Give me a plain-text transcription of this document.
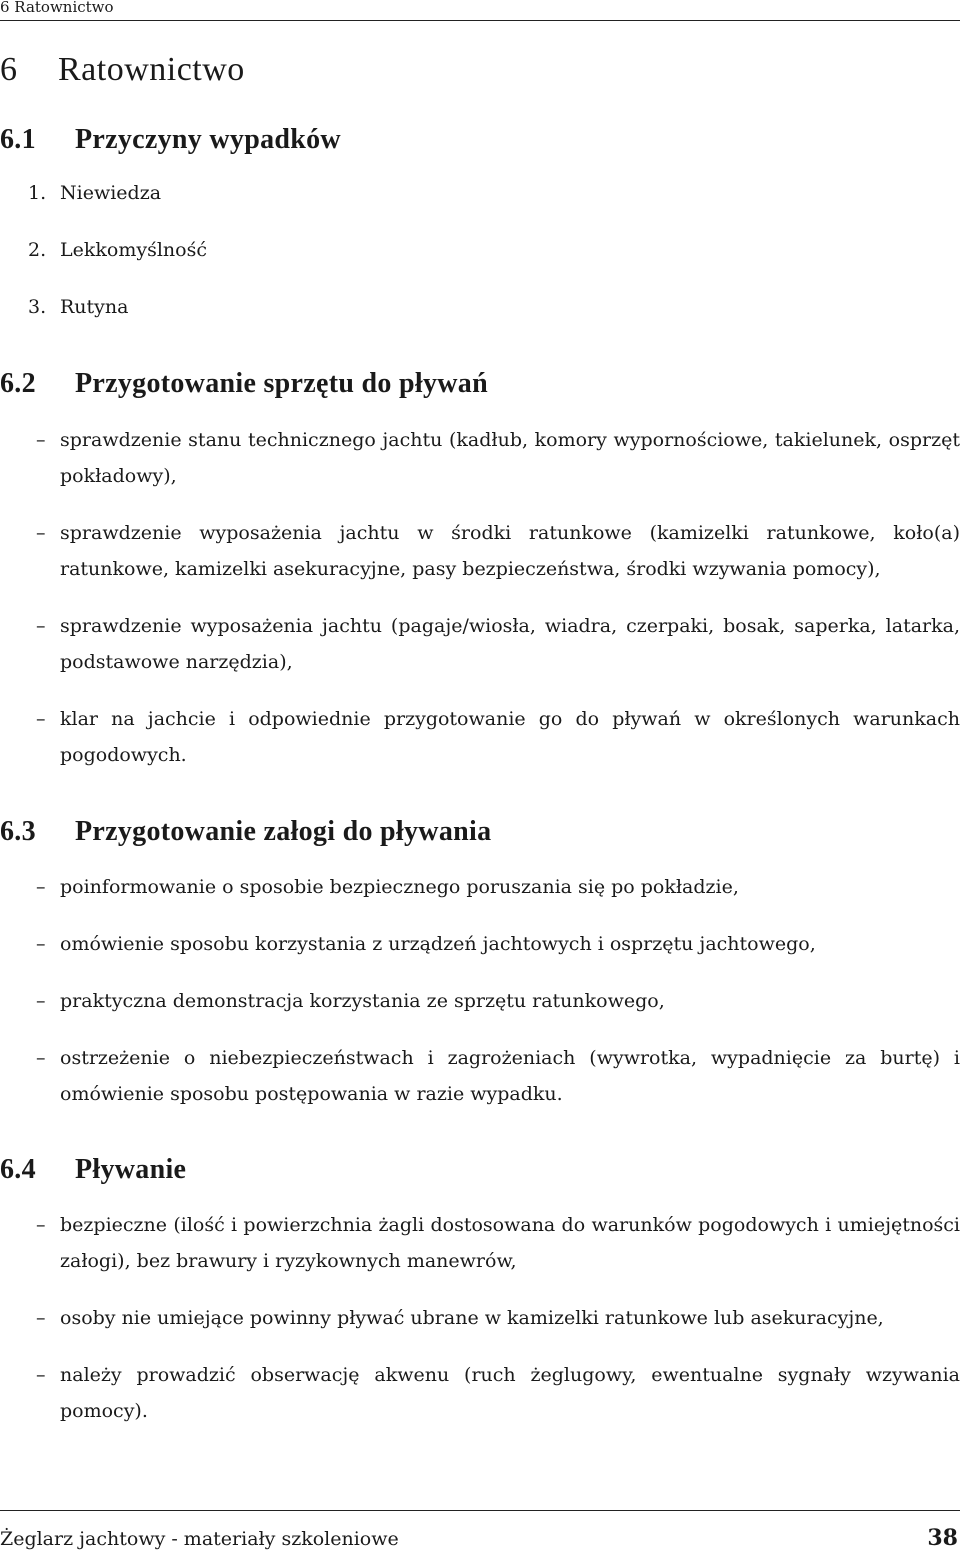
6 Ratownictwo
6 Ratownictwo
6.1 Przyczyny wypadków
1. Niewiedza
2. Lekkomyślność
3. Rutyna
6.2 Przygotowanie sprzętu do pływań
– sprawdzenie stanu technicznego jachtu (kadłub, komory wypornościowe, takielunek, osprzęt pokładowy),
– sprawdzenie wyposażenia jachtu w środki ratunkowe (kamizelki ratunkowe, koło(a) ratunkowe, kamizelki asekuracyjne, pasy bezpieczeństwa, środki wzywania pomocy),
– sprawdzenie wyposażenia jachtu (pagaje/wiosła, wiadra, czerpaki, bosak, saperka, latarka, podstawowe narzędzia),
– klar na jachcie i odpowiednie przygotowanie go do pływań w określonych warunkach pogodowych.
6.3 Przygotowanie załogi do pływania
– poinformowanie o sposobie bezpiecznego poruszania się po pokładzie,
– omówienie sposobu korzystania z urządzeń jachtowych i osprzętu jachtowego,
– praktyczna demonstracja korzystania ze sprzętu ratunkowego,
– ostrzeżenie o niebezpieczeństwach i zagrożeniach (wywrotka, wypadnięcie za burtę) i omówienie sposobu postępowania w razie wypadku.
6.4 Pływanie
– bezpieczne (ilość i powierzchnia żagli dostosowana do warunków pogodowych i umiejętności załogi), bez brawury i ryzykownych manewrów,
– osoby nie umiejące powinny pływać ubrane w kamizelki ratunkowe lub asekuracyjne,
– należy prowadzić obserwację akwenu (ruch żeglugowy, ewentualne sygnały wzywania pomocy).
Żeglarz jachtowy - materiały szkoleniowe	38
